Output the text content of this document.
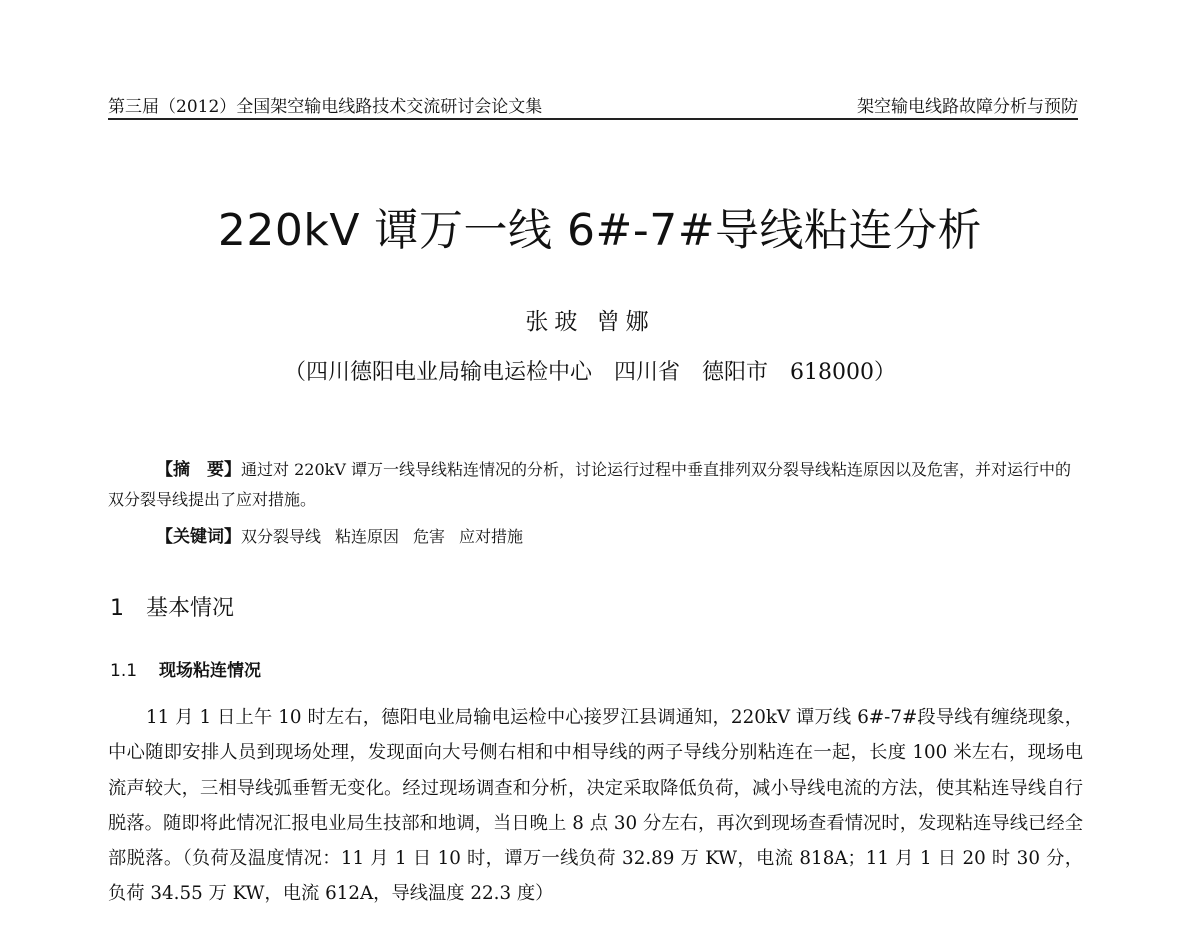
第三届（2012）全国架空输电线路技术交流研讨会论文集	架空输电线路故障分析与预防
220kV 谭万一线 6#-7#导线粘连分析
张玻 曾娜
（四川德阳电业局输电运检中心　四川省　德阳市　618000）

【摘　要】通过对 220kV 谭万一线导线粘连情况的分析，讨论运行过程中垂直排列双分裂导线粘连原因以及危害，并对运行中的双分裂导线提出了应对措施。

【关键词】双分裂导线 粘连原因 危害 应对措施
1 基本情况
1.1 现场粘连情况

11 月 1 日上午 10 时左右，德阳电业局输电运检中心接罗江县调通知，220kV 谭万线 6#-7#段导线有缠绕现象，中心随即安排人员到现场处理，发现面向大号侧右相和中相导线的两子导线分别粘连在一起，长度 100 米左右，现场电流声较大，三相导线弧垂暂无变化。经过现场调查和分析，决定采取降低负荷，减小导线电流的方法，使其粘连导线自行脱落。随即将此情况汇报电业局生技部和地调，当日晚上 8 点 30 分左右，再次到现场查看情况时，发现粘连导线已经全部脱落。（负荷及温度情况：11 月 1 日 10 时，谭万一线负荷 32.89 万 KW，电流 818A；11 月 1 日 20 时 30 分，负荷 34.55 万 KW，电流 612A，导线温度 22.3 度）
